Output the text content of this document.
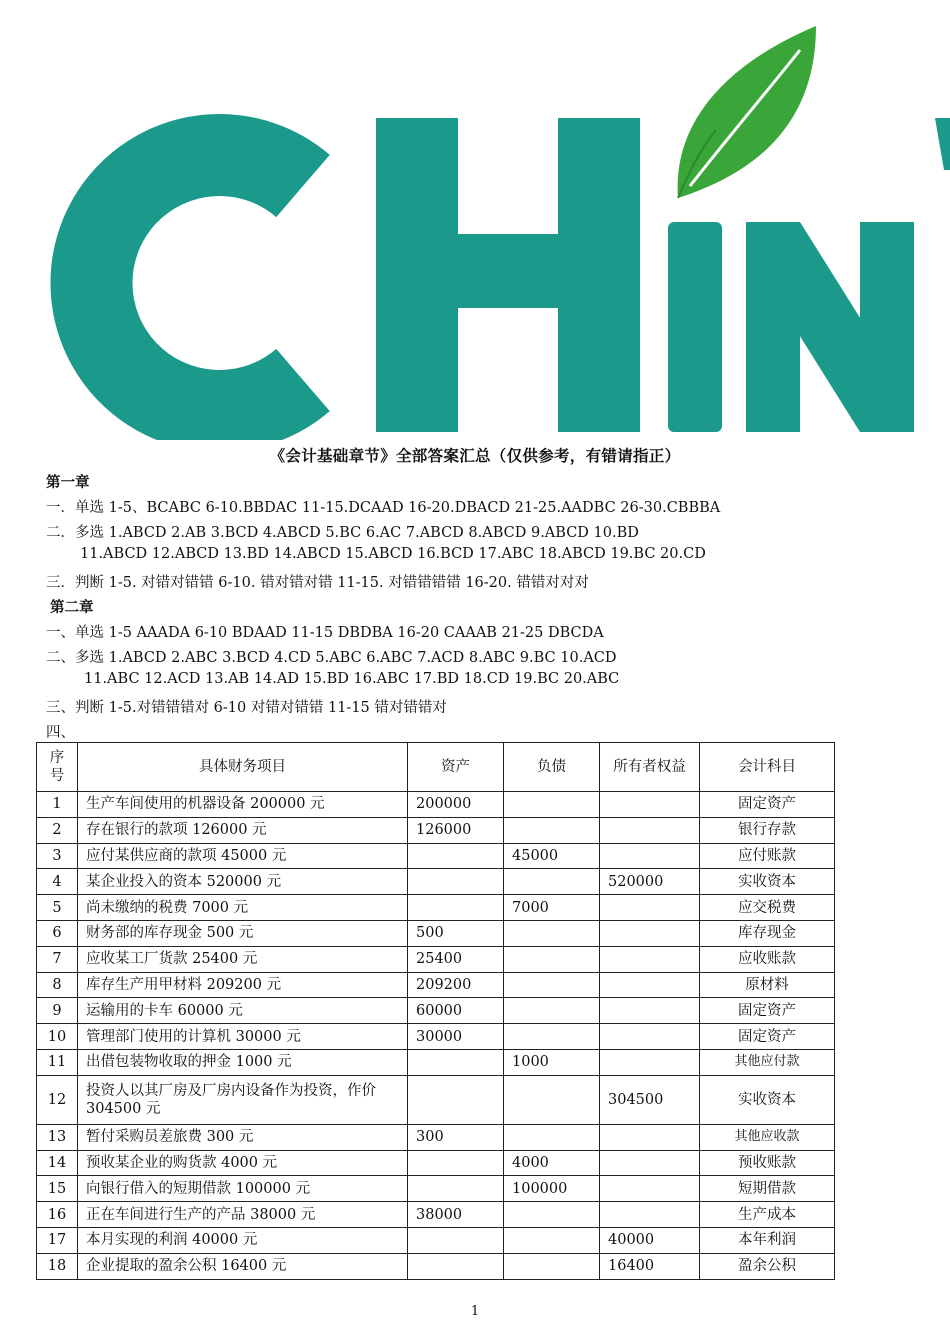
《会计基础章节》全部答案汇总（仅供参考，有错请指正）
第一章
一．单选 1-5、BCABC 6-10.BBDAC 11-15.DCAAD 16-20.DBACD 21-25.AADBC 26-30.CBBBA
二．多选 1.ABCD 2.AB 3.BCD 4.ABCD 5.BC 6.AC 7.ABCD 8.ABCD 9.ABCD 10.BD
11.ABCD 12.ABCD 13.BD 14.ABCD 15.ABCD 16.BCD 17.ABC 18.ABCD 19.BC 20.CD
三．判断 1-5. 对错对错错 6-10. 错对错对错 11-15. 对错错错错 16-20. 错错对对对
第二章
一、单选 1-5 AAADA 6-10 BDAAD 11-15 DBDBA 16-20 CAAAB 21-25 DBCDA
二、多选 1.ABCD 2.ABC 3.BCD 4.CD 5.ABC 6.ABC 7.ACD 8.ABC 9.BC 10.ACD
11.ABC 12.ACD 13.AB 14.AD 15.BD 16.ABC 17.BD 18.CD 19.BC 20.ABC
三、判断 1-5.对错错错对 6-10 对错对错错 11-15 错对错错对
四、
序号	具体财务项目	资产	负债	所有者权益	会计科目
1	生产车间使用的机器设备 200000 元	200000			固定资产
2	存在银行的款项 126000 元	126000			银行存款
3	应付某供应商的款项 45000 元		45000		应付账款
4	某企业投入的资本 520000 元			520000	实收资本
5	尚未缴纳的税费 7000 元		7000		应交税费
6	财务部的库存现金 500 元	500			库存现金
7	应收某工厂货款 25400 元	25400			应收账款
8	库存生产用甲材料 209200 元	209200			原材料
9	运输用的卡车 60000 元	60000			固定资产
10	管理部门使用的计算机 30000 元	30000			固定资产
11	出借包装物收取的押金 1000 元		1000		其他应付款
12	投资人以其厂房及厂房内设备作为投资，作价 304500 元			304500	实收资本
13	暂付采购员差旅费 300 元	300			其他应收款
14	预收某企业的购货款 4000 元		4000		预收账款
15	向银行借入的短期借款 100000 元		100000		短期借款
16	正在车间进行生产的产品 38000 元	38000			生产成本
17	本月实现的利润 40000 元			40000	本年利润
18	企业提取的盈余公积 16400 元			16400	盈余公积
1
